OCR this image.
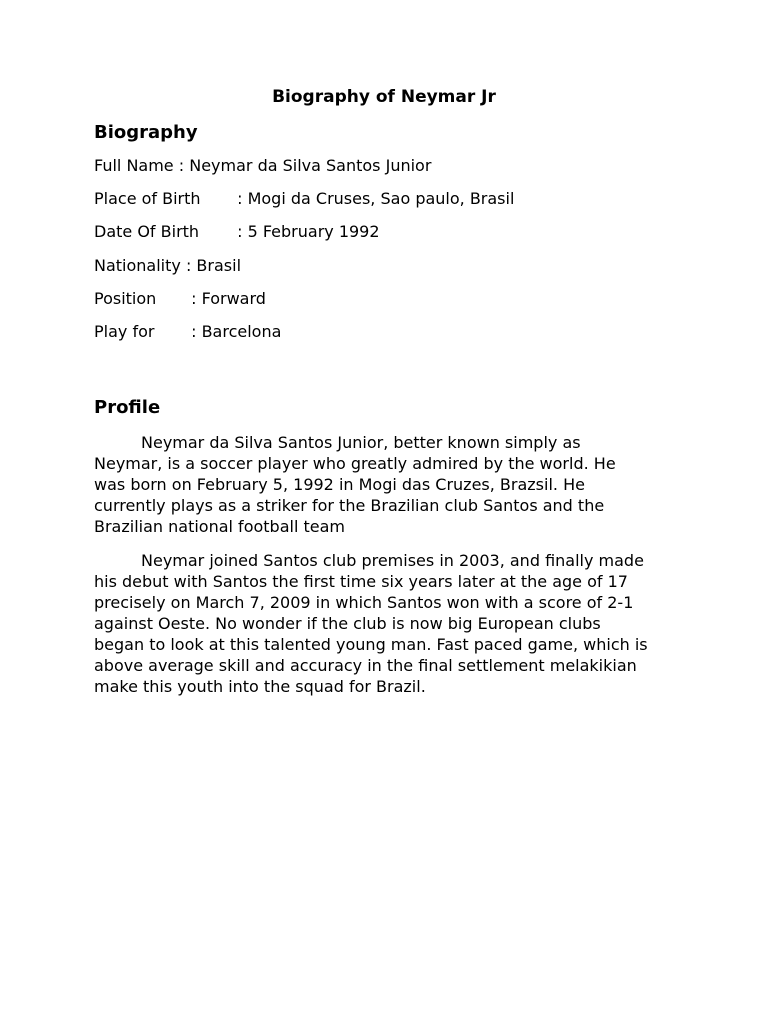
Biography of Neymar Jr
Biography
Full Name : Neymar da Silva Santos Junior
Place of Birth : Mogi da Cruses, Sao paulo, Brasil
Date Of Birth : 5 February 1992
Nationality : Brasil
Position : Forward
Play for : Barcelona
Profile

Neymar da Silva Santos Junior, better known simply as
Neymar, is a soccer player who greatly admired by the world. He
was born on February 5, 1992 in Mogi das Cruzes, Brazsil. He
currently plays as a striker for the Brazilian club Santos and the
Brazilian national football team

Neymar joined Santos club premises in 2003, and finally made
his debut with Santos the first time six years later at the age of 17
precisely on March 7, 2009 in which Santos won with a score of 2-1
against Oeste. No wonder if the club is now big European clubs
began to look at this talented young man. Fast paced game, which is
above average skill and accuracy in the final settlement melakikian
make this youth into the squad for Brazil.
